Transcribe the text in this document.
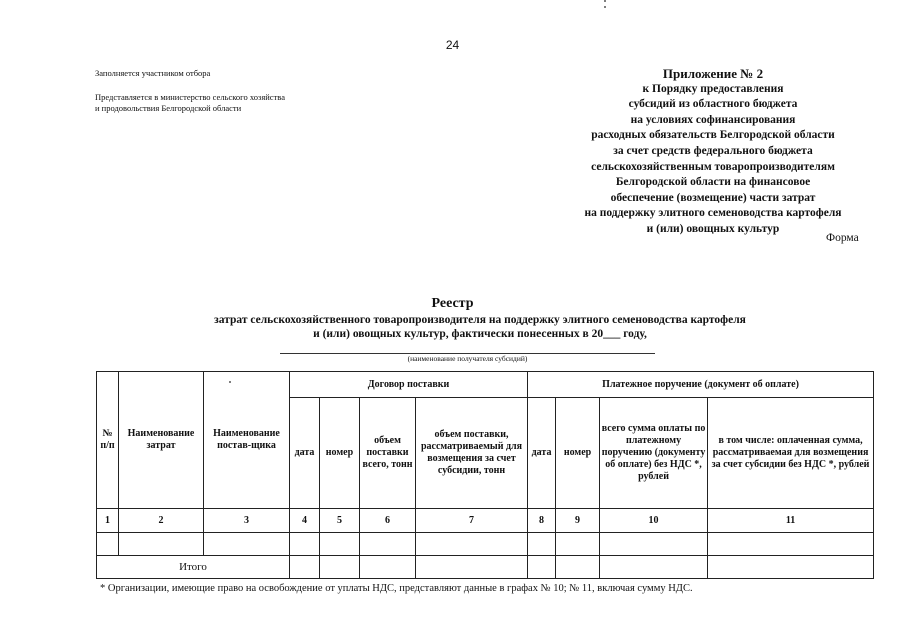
24
Заполняется участником отбора
Представляется в министерство сельского хозяйства
и продовольствия Белгородской области
Приложение № 2
к Порядку предоставления
субсидий из областного бюджета
на условиях софинансирования
расходных обязательств Белгородской области
за счет средств федерального бюджета
сельскохозяйственным товаропроизводителям
Белгородской области на финансовое
обеспечение (возмещение) части затрат
на поддержку элитного семеноводства картофеля
и (или) овощных культур
Форма
Реестр
затрат сельскохозяйственного товаропроизводителя на поддержку элитного семеноводства картофеля
и (или) овощных культур, фактически понесенных в 20___ году,
(наименование получателя субсидий)
№ п/п	Наименование затрат	Наименование постав-щика	Договор поставки				Платежное поручение (документ об оплате)			
			дата	номер	объем поставки всего, тонн	объем поставки, рассматриваемый для возмещения за счет субсидии, тонн	дата	номер	всего сумма оплаты по платежному поручению (документу об оплате) без НДС *, рублей	в том числе: оплаченная сумма, рассматриваемая для возмещения за счет субсидии без НДС *, рублей
1	2	3	4	5	6	7	8	9	10	11

Итого										
* Организации, имеющие право на освобождение от уплаты НДС, представляют данные в графах № 10; № 11, включая сумму НДС.
